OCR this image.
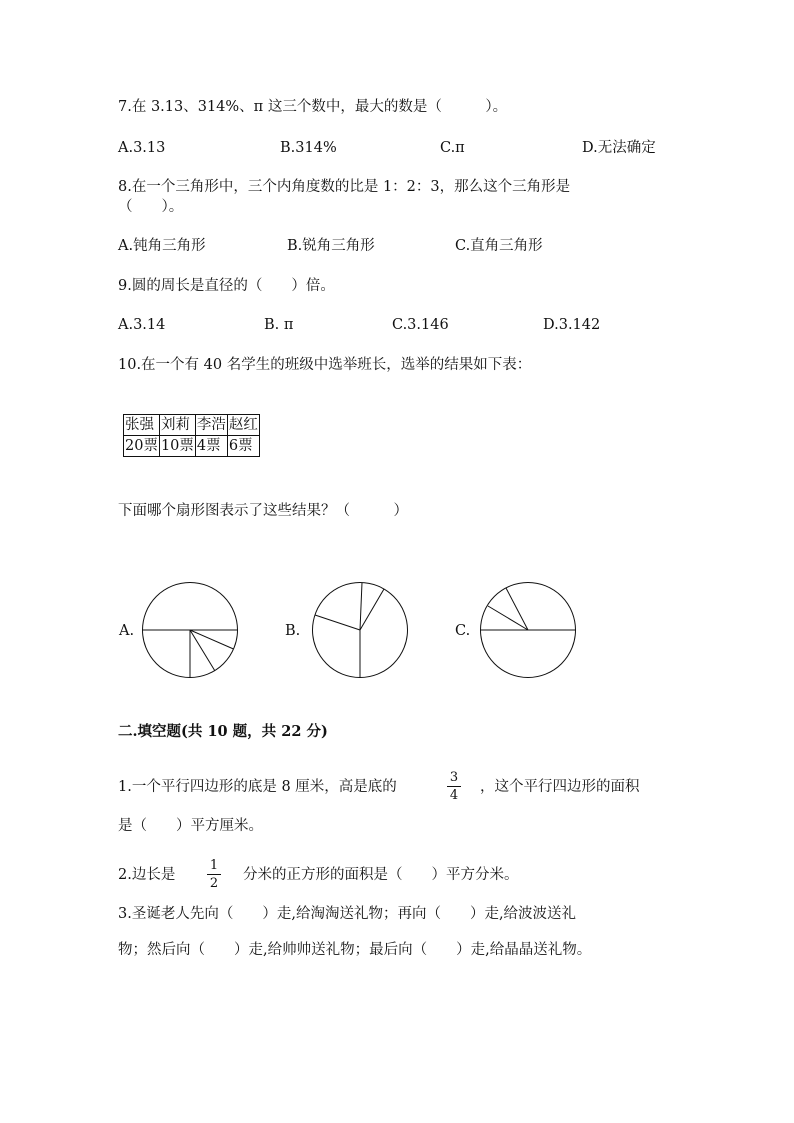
7.在 3.13、314%、π 这三个数中，最大的数是（　　　）。
A.3.13	B.314%	C.π	D.无法确定
8.在一个三角形中，三个内角度数的比是 1：2：3，那么这个三角形是
（　　）。
A.钝角三角形	B.锐角三角形	C.直角三角形
9.圆的周长是直径的（　　）倍。
A.3.14	B. π	C.3.146	D.3.142
10.在一个有 40 名学生的班级中选举班长，选举的结果如下表：
张强	刘莉	李浩	赵红
20票	10票	4票	6票
下面哪个扇形图表示了这些结果？（　　　）
A.	B.	C.
二.填空题(共 10 题，共 22 分)
1.一个平行四边形的底是 8 厘米，高是底的
3
4
，这个平行四边形的面积
是（　　）平方厘米。
2.边长是
1
2
分米的正方形的面积是（　　）平方分米。
3.圣诞老人先向（　　）走,给淘淘送礼物；再向（　　）走,给波波送礼
物；然后向（　　）走,给帅帅送礼物；最后向（　　）走,给晶晶送礼物。
